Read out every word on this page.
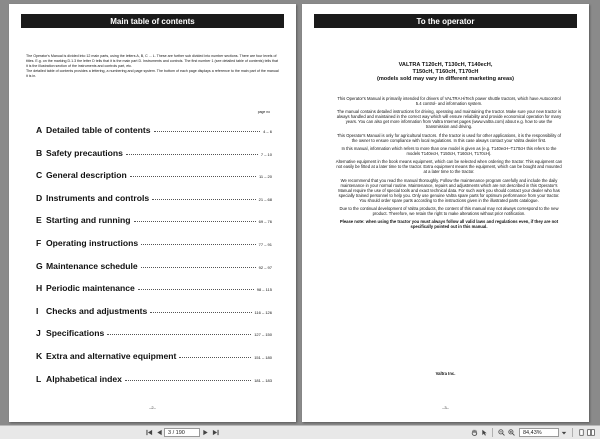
Main table of contents

The Operator's Manual is divided into 12 main parts, using the letters A, B, C ... L. These are further sub divided into number sections. There are four levels of titles. E.g. on the marking D.1.3 the letter D tells that it is the main part D. Instruments and controls. The first number 1 (see detailed table of contents) tells that it is the illustration section of the instruments and controls part, etc.

The detailed table of contents provides a lettering, a numbering and page system. The bottom of each page displays a reference to the main part of the manual it is in.

page no
A Detailed table of contents	4 – 6
B Safety precautions	7 – 10
C General description	11 – 20
D Instruments and controls	21 – 68
E Starting and running	69 – 76
F Operating instructions	77 – 91
G Maintenance schedule	92 – 97
H Periodic maintenance	98 – 115
I Checks and adjustments	116 – 126
J Specifications	127 – 150
K Extra and alternative equipment	151 – 180
L Alphabetical index	181 – 183
–2–
To the operator
VALTRA T120cH, T130cH, T140ecH,
T150cH, T160cH, T170cH
(models sold may vary in different marketing areas)

This Operator's Manual is primarily intended for drivers of VALTRA HiTech power shuttle tractors, which have Autocontrol 5.4 control- and information system.

The manual contains detailed instructions for driving, operating and maintaining the tractor. Make sure your new tractor is always handled and maintained in the correct way which will ensure reliability and provide economical operation for many years. You can also get more information from Valtra Internet pages (www.valtra.com) about e.g. how to use the transmission and driving.

This Operator's Manual is only for agricultural tractors. If the tractor is used for other applications, it is the responsibility of the owner to ensure compliance with local regulations. In this case always contact your Valtra dealer first.

In this manual, information which refers to more than one model is given as (e.g. T140ecH–T170cH this refers to the models T140ecH, T150cH, T160cH, T170cH).

Alternative equipment in the book means equipment, which can be selected when ordering the tractor. This equipment can not easily be fitted at a later time to the tractor. Extra equipment means the equipment, which can be bought and mounted at a later time to the tractor.

We recommend that you read the manual thoroughly. Follow the maintenance program carefully and include the daily maintenance in your normal routine. Maintenance, repairs and adjustments which are not described in this Operator's Manual require the use of special tools and exact technical data. For such work you should contact your dealer who has specially trained personnel to help you. Only use genuine Valtra spare parts for optimum performance from your tractor. You should order spare parts according to the instructions given in the illustrated parts catalogue.

Due to the continual development of Valtra products, the content of this manual may not always correspond to the new product. Therefore, we retain the right to make alterations without prior notification.

Please note: when using the tractor you must always follow all valid laws and regulations even, if they are not specifically pointed out in this manual.

Valtra Inc.
–3–
3 / 190	84,43%
